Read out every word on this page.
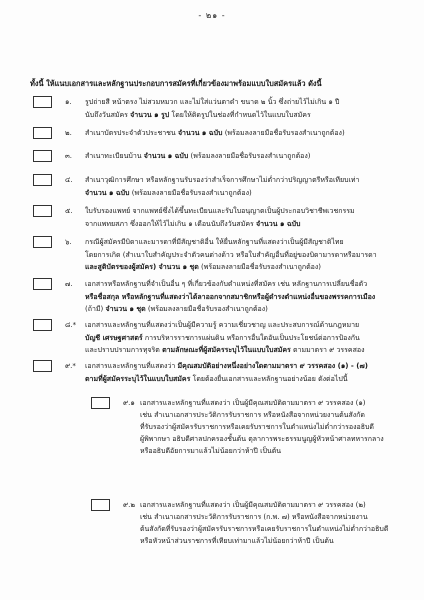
- ๒๑ -
ทั้งนี้ ให้แนบเอกสารและหลักฐานประกอบการสมัครที่เกี่ยวข้องมาพร้อมแบบใบสมัครแล้ว ดังนี้
๑. รูปถ่ายสี หน้าตรง ไม่สวมหมวก และไม่ใส่แว่นตาดำ ขนาด ๒ นิ้ว ซึ่งถ่ายไว้ไม่เกิน ๑ ปี
นับถึงวันสมัคร จำนวน ๑ รูป โดยให้ติดรูปในช่องที่กำหนดไว้ในแบบใบสมัคร
๒. สำเนาบัตรประจำตัวประชาชน จำนวน ๑ ฉบับ (พร้อมลงลายมือชื่อรับรองสำเนาถูกต้อง)
๓. สำเนาทะเบียนบ้าน จำนวน ๑ ฉบับ (พร้อมลงลายมือชื่อรับรองสำเนาถูกต้อง)
๔. สำเนาวุฒิการศึกษา หรือหลักฐานรับรองว่าสำเร็จการศึกษาไม่ต่ำกว่าปริญญาตรีหรือเทียบเท่า
จำนวน ๑ ฉบับ (พร้อมลงลายมือชื่อรับรองสำเนาถูกต้อง)
๕. ใบรับรองแพทย์ จากแพทย์ซึ่งได้ขึ้นทะเบียนและรับใบอนุญาตเป็นผู้ประกอบวิชาชีพเวชกรรม
จากแพทยสภา ซึ่งออกให้ไว้ไม่เกิน ๑ เดือนนับถึงวันสมัคร จำนวน ๑ ฉบับ
๖. กรณีผู้สมัครมีบิดาและมารดาที่มีสัญชาติอื่น ให้ยื่นหลักฐานที่แสดงว่าเป็นผู้มีสัญชาติไทย
โดยการเกิด (สำเนาใบสำคัญประจำตัวคนต่างด้าว หรือใบสำคัญอื่นที่อยู่ของบิดามารดาหรือมารดา
และสูติบัตรของผู้สมัคร) จำนวน ๑ ชุด (พร้อมลงลายมือชื่อรับรองสำเนาถูกต้อง)
๗. เอกสารหรือหลักฐานที่จำเป็นอื่น ๆ ที่เกี่ยวข้องกับตำแหน่งที่สมัคร เช่น หลักฐานการเปลี่ยนชื่อตัว
หรือชื่อสกุล หรือหลักฐานที่แสดงว่าได้ลาออกจากสมาชิกหรือผู้ดำรงตำแหน่งอื่นของพรรคการเมือง
(ถ้ามี) จำนวน ๑ ชุด (พร้อมลงลายมือชื่อรับรองสำเนาถูกต้อง)
๘.* เอกสารและหลักฐานที่แสดงว่าเป็นผู้มีความรู้ ความเชี่ยวชาญ และประสบการณ์ด้านกฎหมาย
บัญชี เศรษฐศาสตร์ การบริหารราชการแผ่นดิน หรือการอื่นใดอันเป็นประโยชน์ต่อการป้องกัน
และปราบปรามการทุจริต ตามลักษณะที่ผู้สมัครระบุไว้ในแบบใบสมัคร ตามมาตรา ๙ วรรคสอง
๙.* เอกสารและหลักฐานที่แสดงว่า มีคุณสมบัติอย่างหนึ่งอย่างใดตามมาตรา ๙ วรรคสอง (๑) - (๗)
ตามที่ผู้สมัครระบุไว้ในแบบใบสมัคร โดยต้องยื่นเอกสารและหลักฐานอย่างน้อย ดังต่อไปนี้
๙.๑ เอกสารและหลักฐานที่แสดงว่า เป็นผู้มีคุณสมบัติตามมาตรา ๙ วรรคสอง (๑)
เช่น สำเนาเอกสารประวัติการรับราชการ หรือหนังสือจากหน่วยงานต้นสังกัด
ที่รับรองว่าผู้สมัครรับราชการหรือเคยรับราชการในตำแหน่งไม่ต่ำกว่ารองอธิบดี
ผู้พิพากษา อธิบดีศาลปกครองชั้นต้น ตุลาการพระธรรมนูญผู้หัวหน้าศาลทหารกลาง
หรืออธิบดีอัยการมาแล้วไม่น้อยกว่าห้าปี เป็นต้น
๙.๒ เอกสารและหลักฐานที่แสดงว่า เป็นผู้มีคุณสมบัติตามมาตรา ๙ วรรคสอง (๒)
เช่น สำเนาเอกสารประวัติการรับราชการ (ก.พ. ๗) หรือหนังสือจากหน่วยงาน
ต้นสังกัดที่รับรองว่าผู้สมัครรับราชการหรือเคยรับราชการในตำแหน่งไม่ต่ำกว่าอธิบดี
หรือหัวหน้าส่วนราชการที่เทียบเท่ามาแล้วไม่น้อยกว่าห้าปี เป็นต้น
